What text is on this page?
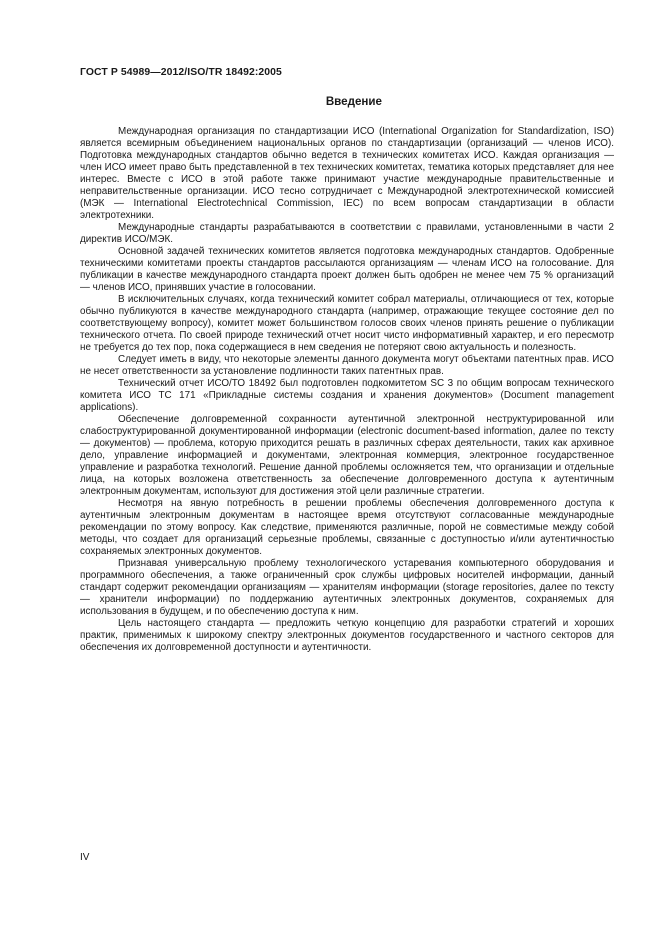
ГОСТ Р 54989—2012/ISO/TR 18492:2005
Введение

Международная организация по стандартизации ИСО (International Organization for Standardization, ISO) является всемирным объединением национальных органов по стандартизации (организаций — членов ИСО). Подготовка международных стандартов обычно ведется в технических комитетах ИСО. Каждая организация — член ИСО имеет право быть представленной в тех технических комитетах, тематика которых представляет для нее интерес. Вместе с ИСО в этой работе также принимают участие международные правительственные и неправительственные организации. ИСО тесно сотрудничает с Международной электротехнической комиссией (МЭК — International Electrotechnical Commission, IEC) по всем вопросам стандартизации в области электротехники.

Международные стандарты разрабатываются в соответствии с правилами, установленными в части 2 директив ИСО/МЭК.

Основной задачей технических комитетов является подготовка международных стандартов. Одобренные техническими комитетами проекты стандартов рассылаются организациям — членам ИСО на голосование. Для публикации в качестве международного стандарта проект должен быть одобрен не менее чем 75 % организаций — членов ИСО, принявших участие в голосовании.

В исключительных случаях, когда технический комитет собрал материалы, отличающиеся от тех, которые обычно публикуются в качестве международного стандарта (например, отражающие текущее состояние дел по соответствующему вопросу), комитет может большинством голосов своих членов принять решение о публикации технического отчета. По своей природе технический отчет носит чисто информативный характер, и его пересмотр не требуется до тех пор, пока содержащиеся в нем сведения не потеряют свою актуальность и полезность.

Следует иметь в виду, что некоторые элементы данного документа могут объектами патентных прав. ИСО не несет ответственности за установление подлинности таких патентных прав.

Технический отчет ИСО/ТО 18492 был подготовлен подкомитетом SC 3 по общим вопросам технического комитета ИСО ТС 171 «Прикладные системы создания и хранения документов» (Document management applications).

Обеспечение долговременной сохранности аутентичной электронной неструктурированной или слабоструктурированной документированной информации (electronic document-based information, далее по тексту — документов) — проблема, которую приходится решать в различных сферах деятельности, таких как архивное дело, управление информацией и документами, электронная коммерция, электронное государственное управление и разработка технологий. Решение данной проблемы осложняется тем, что организации и отдельные лица, на которых возложена ответственность за обеспечение долговременного доступа к аутентичным электронным документам, используют для достижения этой цели различные стратегии.

Несмотря на явную потребность в решении проблемы обеспечения долговременного доступа к аутентичным электронным документам в настоящее время отсутствуют согласованные международные рекомендации по этому вопросу. Как следствие, применяются различные, порой не совместимые между собой методы, что создает для организаций серьезные проблемы, связанные с доступностью и/или аутентичностью сохраняемых электронных документов.

Признавая универсальную проблему технологического устаревания компьютерного оборудования и программного обеспечения, а также ограниченный срок службы цифровых носителей информации, данный стандарт содержит рекомендации организациям — хранителям информации (storage repositories, далее по тексту — хранители информации) по поддержанию аутентичных электронных документов, сохраняемых для использования в будущем, и по обеспечению доступа к ним.

Цель настоящего стандарта — предложить четкую концепцию для разработки стратегий и хороших практик, применимых к широкому спектру электронных документов государственного и частного секторов для обеспечения их долговременной доступности и аутентичности.

IV
